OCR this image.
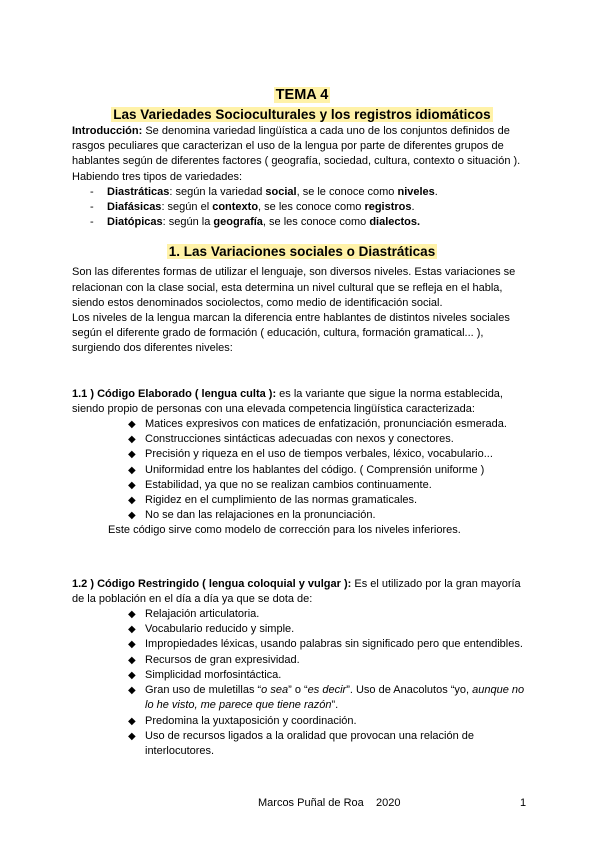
TEMA 4
Las Variedades Socioculturales y los registros idiomáticos

Introducción: Se denomina variedad lingüística a cada uno de los conjuntos definidos de rasgos peculiares que caracterizan el uso de la lengua por parte de diferentes grupos de hablantes según de diferentes factores ( geografía, sociedad, cultura, contexto o situación ). Habiendo tres tipos de variedades:

- Diastráticas: según la variedad social, se le conoce como niveles.
- Diafásicas: según el contexto, se les conoce como registros.
- Diatópicas: según la geografía, se les conoce como dialectos.
1. Las Variaciones sociales o Diastráticas

Son las diferentes formas de utilizar el lenguaje, son diversos niveles. Estas variaciones se relacionan con la clase social, esta determina un nivel cultural que se refleja en el habla, siendo estos denominados sociolectos, como medio de identificación social.

Los niveles de la lengua marcan la diferencia entre hablantes de distintos niveles sociales según el diferente grado de formación ( educación, cultura, formación gramatical... ), surgiendo dos diferentes niveles:

1.1 ) Código Elaborado ( lengua culta ): es la variante que sigue la norma establecida, siendo propio de personas con una elevada competencia lingüística caracterizada:

◆ Matices expresivos con matices de enfatización, pronunciación esmerada.
◆ Construcciones sintácticas adecuadas con nexos y conectores.
◆ Precisión y riqueza en el uso de tiempos verbales, léxico, vocabulario...
◆ Uniformidad entre los hablantes del código. ( Comprensión uniforme )
◆ Estabilidad, ya que no se realizan cambios continuamente.
◆ Rigidez en el cumplimiento de las normas gramaticales.
◆ No se dan las relajaciones en la pronunciación.

Este código sirve como modelo de corrección para los niveles inferiores.

1.2 ) Código Restringido ( lengua coloquial y vulgar ): Es el utilizado por la gran mayoría de la población en el día a día ya que se dota de:

◆ Relajación articulatoria.
◆ Vocabulario reducido y simple.
◆ Impropiedades léxicas, usando palabras sin significado pero que entendibles.
◆ Recursos de gran expresividad.
◆ Simplicidad morfosintáctica.
◆ Gran uso de muletillas “o sea” o “es decir”. Uso de Anacolutos “yo, aunque no lo he visto, me parece que tiene razón”.
◆ Predomina la yuxtaposición y coordinación.
◆ Uso de recursos ligados a la oralidad que provocan una relación de interlocutores.
Marcos Puñal de Roa    2020	1
